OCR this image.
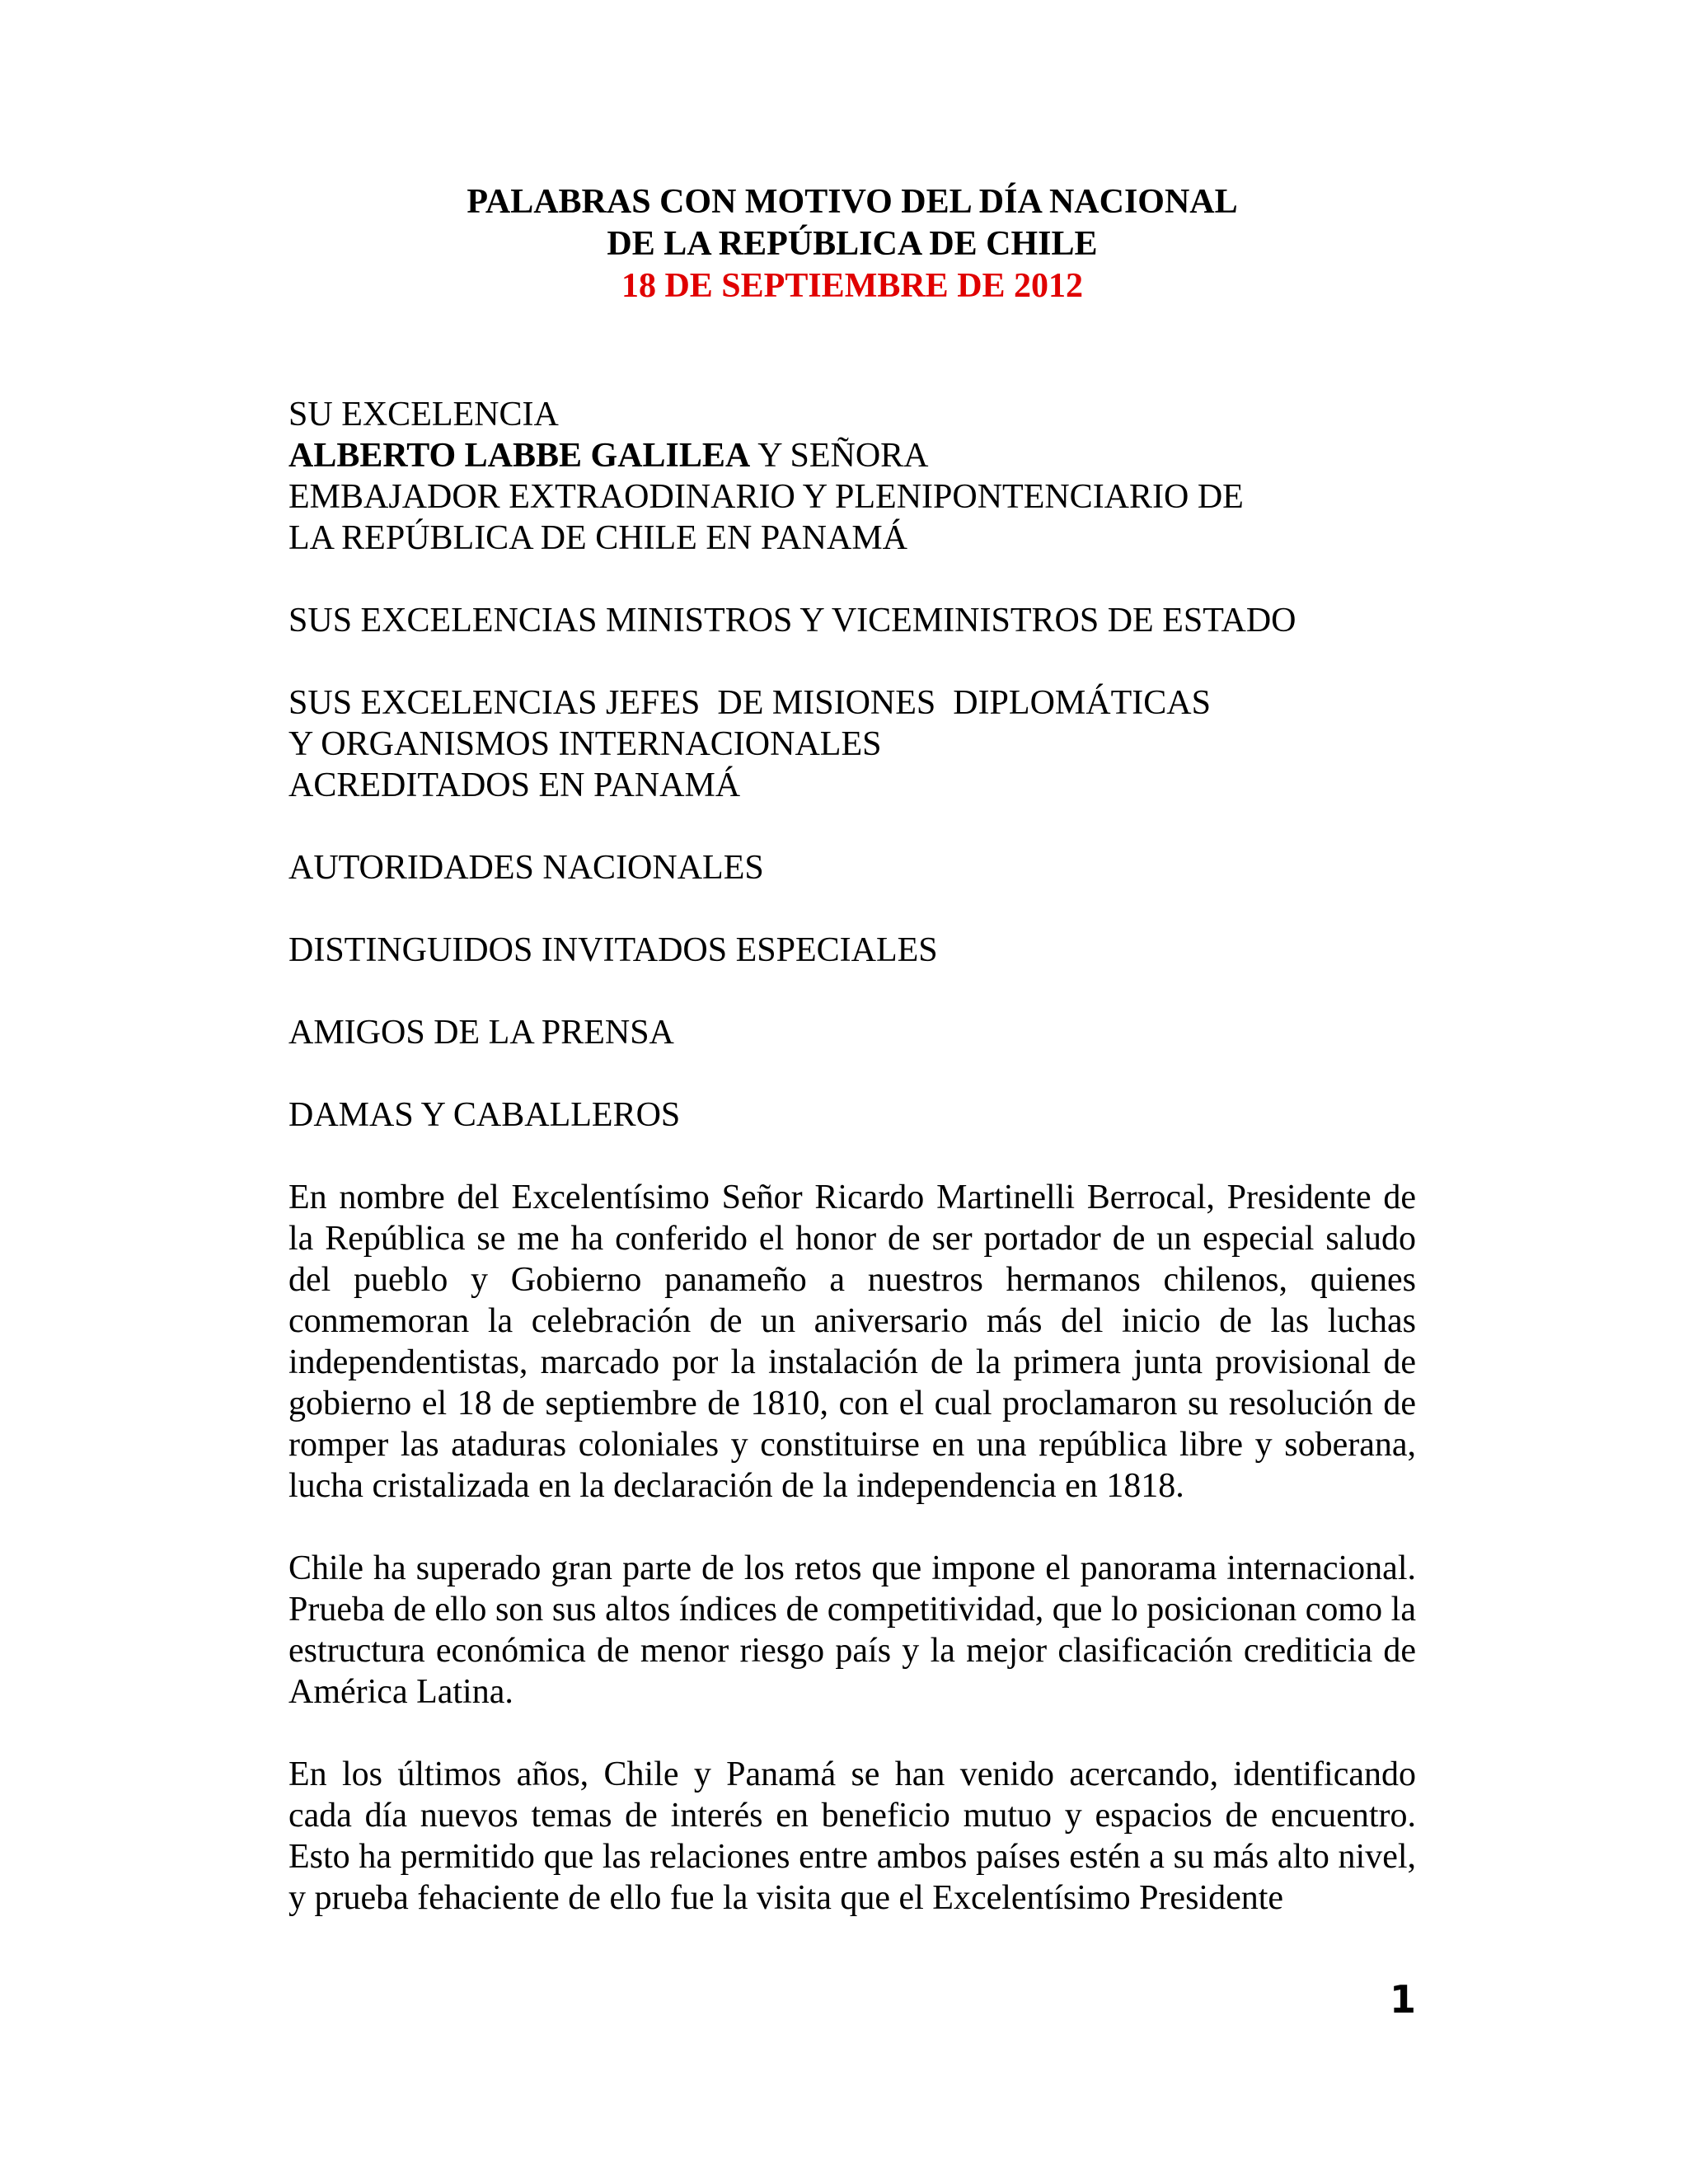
PALABRAS CON MOTIVO DEL DÍA NACIONAL
DE LA REPÚBLICA DE CHILE
18 DE SEPTIEMBRE DE 2012
SU EXCELENCIA
ALBERTO LABBE GALILEA Y SEÑORA
EMBAJADOR EXTRAODINARIO Y PLENIPONTENCIARIO DE
LA REPÚBLICA DE CHILE EN PANAMÁ
SUS EXCELENCIAS MINISTROS Y VICEMINISTROS DE ESTADO
SUS EXCELENCIAS JEFES  DE MISIONES  DIPLOMÁTICAS
Y ORGANISMOS INTERNACIONALES
ACREDITADOS EN PANAMÁ
AUTORIDADES NACIONALES
DISTINGUIDOS INVITADOS ESPECIALES
AMIGOS DE LA PRENSA
DAMAS Y CABALLEROS

En nombre del Excelentísimo Señor Ricardo Martinelli Berrocal, Presidente de la República se me ha conferido el honor de ser portador de un especial saludo del pueblo y Gobierno panameño a nuestros hermanos chilenos, quienes conmemoran la celebración de un aniversario más del inicio de las luchas independentistas, marcado por la instalación de la primera junta provisional de gobierno el 18 de septiembre de 1810, con el cual proclamaron su resolución de romper las ataduras coloniales y constituirse en una república libre y soberana, lucha cristalizada en la declaración de la independencia en 1818.

Chile ha superado gran parte de los retos que impone el panorama internacional. Prueba de ello son sus altos índices de competitividad, que lo posicionan como la estructura económica de menor riesgo país y la mejor clasificación crediticia de América Latina.

En los últimos años, Chile y Panamá se han venido acercando, identificando cada día nuevos temas de interés en beneficio mutuo y espacios de encuentro. Esto ha permitido que las relaciones entre ambos países estén a su más alto nivel, y prueba fehaciente de ello fue la visita que el Excelentísimo Presidente

1
